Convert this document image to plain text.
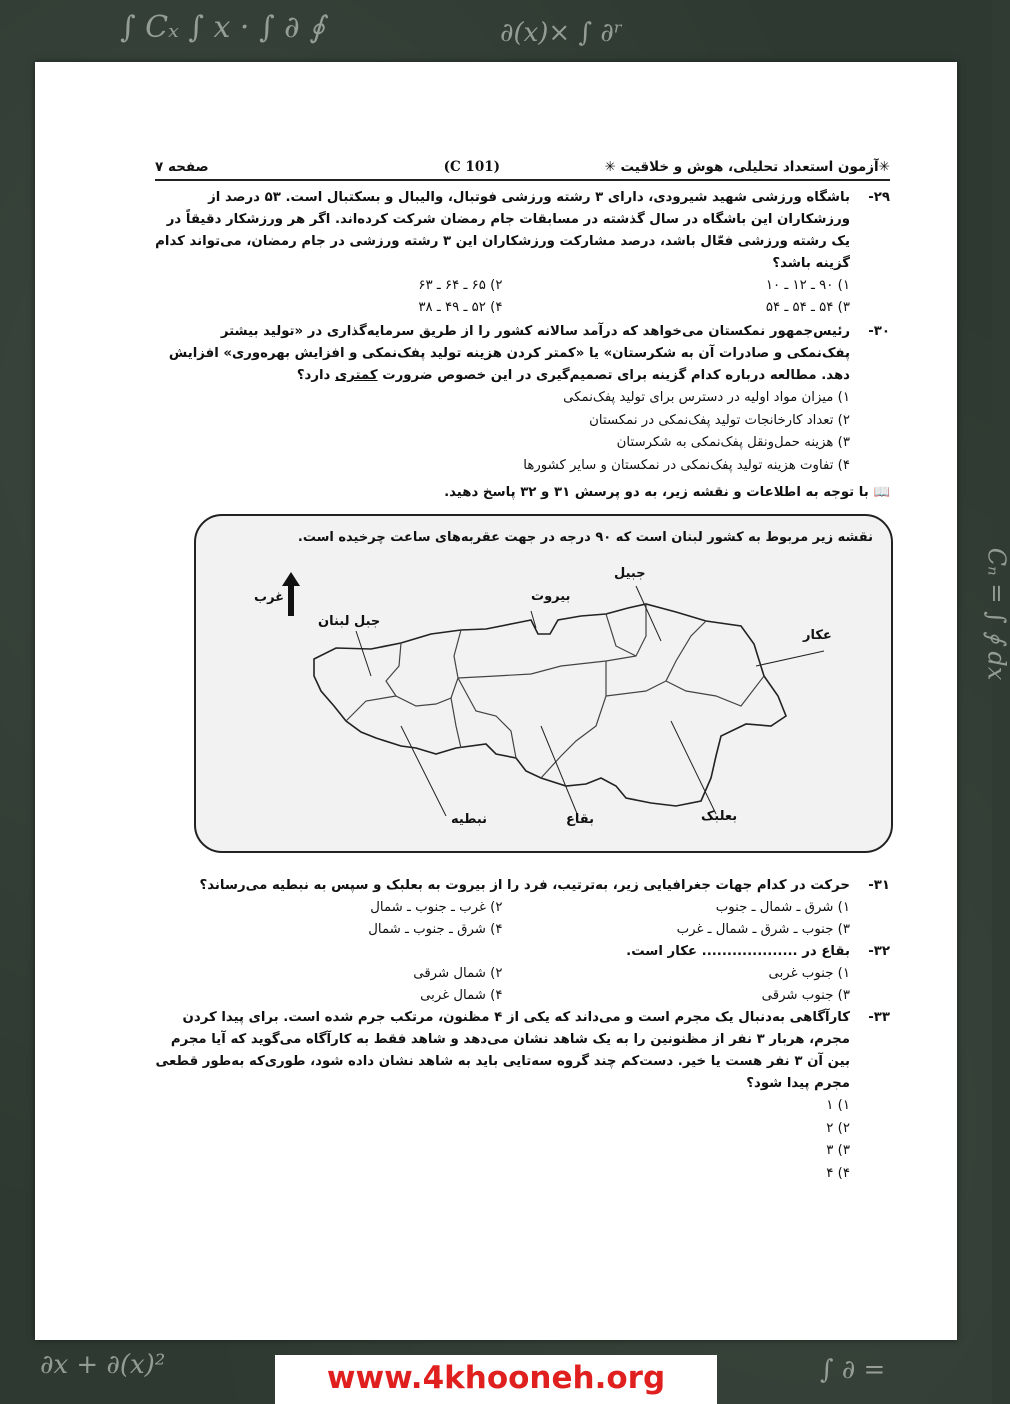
∫ Cₓ ∫ x · ∫ ∂ ∮	∂(x)× ∫ ∂ʳ
Cₙ = ∫ ∮ dx
∂x + ∂(x)²	∫ ∂ =
✳آزمون استعداد تحلیلی، هوش و خلاقیت ✳
(101 C)
صفحه ۷
۲۹-
باشگاه ورزشی شهید شیرودی، دارای ۳ رشته ورزشی فوتبال، والیبال و بسکتبال است. ۵۳ درصد از ورزشکاران این باشگاه در سال گذشته در مسابقات جام رمضان شرکت کرده‌اند. اگر هر ورزشکار دقیقاً در یک رشته ورزشی فعّال باشد، درصد مشارکت ورزشکاران این ۳ رشته ورزشی در جام رمضان، می‌تواند کدام گزینه باشد؟
۱) ۹۰ ـ ۱۲ ـ ۱۰
۲) ۶۵ ـ ۶۴ ـ ۶۳
۳) ۵۴ ـ ۵۴ ـ ۵۴
۴) ۵۲ ـ ۴۹ ـ ۳۸
۳۰-
رئیس‌جمهور نمکستان می‌خواهد که درآمد سالانه کشور را از طریق سرمایه‌گذاری در «تولید بیشتر پفک‌نمکی و صادرات آن به شکرستان» یا «کمتر کردن هزینه تولید پفک‌نمکی و افزایش بهره‌وری» افزایش دهد. مطالعه درباره کدام گزینه برای تصمیم‌گیری در این خصوص ضرورت کمتری دارد؟
۱) میزان مواد اولیه در دسترس برای تولید پفک‌نمکی
۲) تعداد کارخانجات تولید پفک‌نمکی در نمکستان
۳) هزینه حمل‌ونقل پفک‌نمکی به شکرستان
۴) تفاوت هزینه تولید پفک‌نمکی در نمکستان و سایر کشورها
📖 با توجه به اطلاعات و نقشه زیر، به دو پرسش ۳۱ و ۳۲ پاسخ دهید.
نقشه زیر مربوط به کشور لبنان است که ۹۰ درجه در جهت عقربه‌های ساعت چرخیده است.
غرب
جبیل
بیروت
جبل لبنان
عکار
نبطیه	بقاع	بعلبک
۳۱-
حرکت در کدام جهات جغرافیایی زیر، به‌ترتیب، فرد را از بیروت به بعلبک و سپس به نبطیه می‌رساند؟
۱) شرق ـ شمال ـ جنوب
۲) غرب ـ جنوب ـ شمال
۳) جنوب ـ شرق ـ شمال ـ غرب
۴) شرق ـ جنوب ـ شمال
۳۲-
بقاع در ................... عکار است.
۱) جنوب غربی
۲) شمال شرقی
۳) جنوب شرقی
۴) شمال غربی
۳۳-
کارآگاهی به‌دنبال یک مجرم است و می‌داند که یکی از ۴ مظنون، مرتکب جرم شده است. برای پیدا کردن مجرم، هربار ۳ نفر از مظنونین را به یک شاهد نشان می‌دهد و شاهد فقط به کارآگاه می‌گوید که آیا مجرم بین آن ۳ نفر هست یا خیر. دست‌کم چند گروه سه‌تایی باید به شاهد نشان داده شود، طوری‌که به‌طور قطعی مجرم پیدا شود؟
۱) ۱
۲) ۲
۳) ۳
۴) ۴
www.4khooneh.org
